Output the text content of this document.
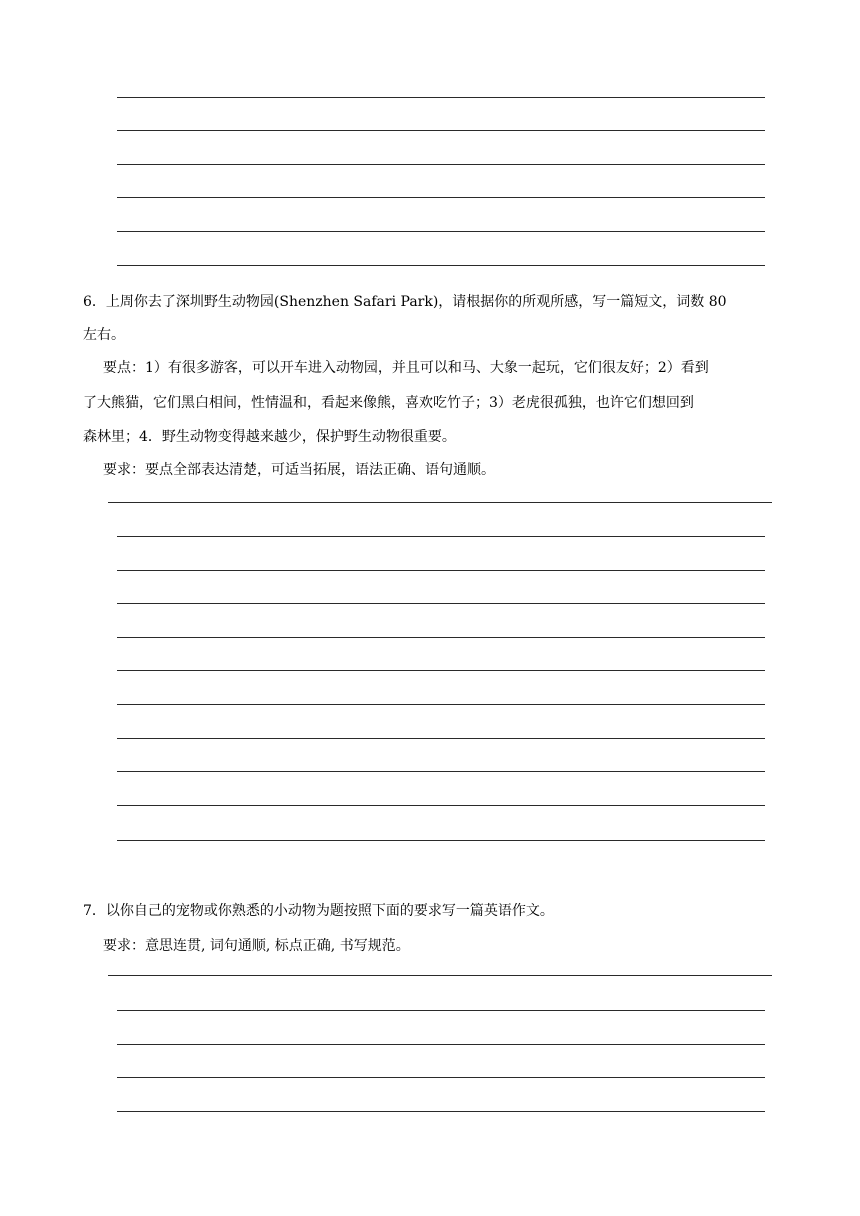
6．上周你去了深圳野生动物园(Shenzhen Safari Park)，请根据你的所观所感，写一篇短文，词数 80
左右。
要点：1）有很多游客，可以开车进入动物园，并且可以和马、大象一起玩，它们很友好；2）看到
了大熊猫，它们黑白相间，性情温和，看起来像熊，喜欢吃竹子；3）老虎很孤独，也许它们想回到
森林里；4．野生动物变得越来越少，保护野生动物很重要。
要求：要点全部表达清楚，可适当拓展，语法正确、语句通顺。
7．以你自己的宠物或你熟悉的小动物为题按照下面的要求写一篇英语作文。
要求：意思连贯, 词句通顺, 标点正确, 书写规范。
